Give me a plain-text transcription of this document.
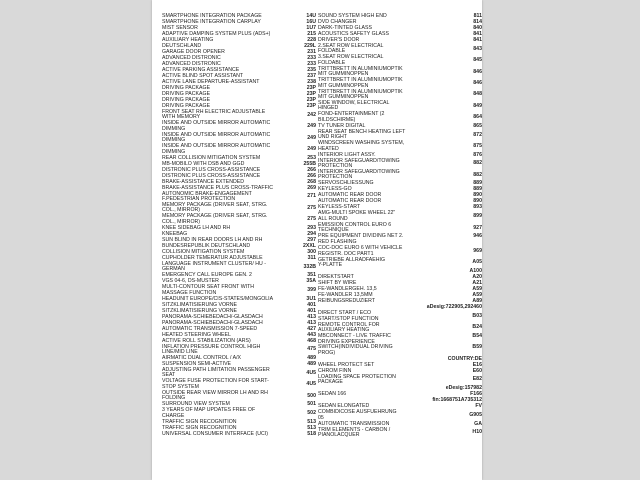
SMARTPHONE INTEGRATION PACKAGE	14U
SMARTPHONE INTEGRATION CARPLAY	16U
MIST SENSOR	1U7
ADAPTIVE DAMPING SYSTEM PLUS (ADS+)	215
AUXILIARY HEATING	228
DEUTSCHLAND	229L
GARAGE DOOR OPENER	231
ADVANCED DISTRONIC	233
ADVANCED DISTRONIC	233
ACTIVE PARKING ASSISTANCE	235
ACTIVE BLIND SPOT ASSISTANT	237
ACTIVE LANE DEPARTURE-ASSISTANT	238
DRIVING PACKAGE	23P
DRIVING PACKAGE	23P
DRIVING PACKAGE	23P
DRIVING PACKAGE	23P
FRONT SEAT RH ELECTRIC ADJUSTABLE
WITH MEMORY	242
INSIDE AND OUTSIDE MIRROR AUTOMATIC
DIMMING	249
INSIDE AND OUTSIDE MIRROR AUTOMATIC
DIMMING	249
INSIDE AND OUTSIDE MIRROR AUTOMATIC
DIMMING	249
REAR COLLISION MITIGATION SYSTEM	253
MB-MOBILO WITH DSB AND GGD	255B
DISTRONIC PLUS CROSS-ASSISTANCE	266
DISTRONIC PLUS CROSS-ASSISTANCE	266
BRAKE-ASSISTANCE EXTENDED	268
BRAKE-ASSISTANCE PLUS CROSS-TRAFFIC	269
AUTONOMIC BRAKE-ENGAGEMENT
F.PEDESTRIAN PROTECTION	271
MEMORY PACKAGE (DRIVER SEAT, STRG.
COL., MIRROR)	275
MEMORY PACKAGE (DRIVER SEAT, STRG.
COL., MIRROR)	275
KNEE SIDEBAG LH AND RH	293
KNEEBAG	294
SUN BLIND IN REAR DOORS LH AND RH	297
BUNDESREPUBLIK DEUTSCHLAND	2XXL
COLLISION MITIGATION SYSTEM	300
CUPHOLDER TEMERATUR ADJUSTABLE	311
LANGUAGE INSTRUMENT CLUSTER/ HU -
GERMAN	332B
EMERGENCY CALL EUROPE GEN. 2	351
VGS 04-6, DS-MUSTER	35A
MULTI-CONTOUR SEAT FRONT WITH
MASSAGE FUNCTION	399
HEADUNIT EUROPE/CIS-STATES/MONGOLIA	3U1
SITZKLIMATISIERUNG VORNE	401
SITZKLIMATISIERUNG VORNE	401
PANORAMA-SCHIEBEDACH/-GLASDACH	413
PANORAMA-SCHIEBEDACH/-GLASDACH	413
AUTOMATIC TRANSMISSION 7-SPEED	427
HEATED STEERING WHEEL	443
ACTIVE ROLL STABILIZATION (ARS)	468
INFLATION PRESSURE CONTROL HIGH
LINE/MID LINE	475
AIRMATIC DUAL CONTROL / A/X	489
SUSPENSION SEMI-ACTIVE	489
ADJUSTING PATH LIMITATION PASSENGER
SEAT	4U5
VOLTAGE FUSE PROTECTION FOR START-
STOP SYSTEM	4U5
OUTSIDE REAR VIEW MIRROR LH AND RH
FOLDING	500
SURROUND VIEW SYSTEM	501
3 YEARS OF MAP UPDATES FREE OF
CHARGE	502
TRAFFIC SIGN RECOGNITION	513
TRAFFIC SIGN RECOGNITION	513
UNIVERSAL CONSUMER INTERFACE (UCI)	518
SOUND SYSTEM HIGH END	811
DVD CHANGER	814
DARK-TINTED GLASS	840
ACOUSTICS SAFETY GLASS	841
DRIVER'S DOOR	841
2.SEAT ROW ELECTRICAL
FOLDABLE	843
3.SEAT ROW ELECTRICAL
FOLDABLE	845
TRITTBRETT IN ALUMINIUMOPTIK
MIT GUMMINOPPEN	846
TRITTBRETT IN ALUMINIUMOPTIK
MIT GUMMINOPPEN	846
TRITTBRETT IN ALUMINIUMOPTIK
MIT GUMMINOPPEN	848
SIDE WINDOW, ELECTRICAL
HINGED	849
FOND-ENTERTAINMENT (2
BILDSCHIRME)	864
TV TUNER DIGITAL	865
REAR SEAT BENCH HEATING LEFT
UND RIGHT	872
WINDSCREEN WASHING SYSTEM,
HEATED	875
INTERIOR LIGHT ASSY.	876
INTERIOR SAFEGUARD/TOWING
PROTECTION	882
INTERIOR SAFEGUARD/TOWING
PROTECTION	882
SERVOSCHLIESSUNG	889
KEYLESS-GO	889
AUTOMATIC REAR DOOR	890
AUTOMATIC REAR DOOR	890
KEYLESS-START	893
AMG-MULTI SPOKE WHEEL 22"
ALL ROUND	899
EMISSION CONTROL EURO 6
TECHNIQUE	927
PRE EQUIPMENT DIVIDING NET 2.	946
RED FLASHING
COC-DOC EURO 6 WITH VEHICLE
REGISTR. DOC PART1	969
GETRIEBE ALLRADFAEHIG
Y-PLATTE	A05
A100
DIREKTSTART	A20
SHIFT BY WIRE	A21
FE-WANDLERGEH. 13,5	A59
FE-WANDLER 13,5MM	A59
REIBUNGSREDUZIERT	A89
aDesig:722905,292460
DIRECT START / ECO
START/STOP FUNCTION	B03
REMOTE CONTROL FOR
AUXILIARY HEATING	B24
MBCONNECT - LIVE TRAFFIC	B54
DRIVING EXPERIENCE
SWITCH(INDIVIDUAL DRIVING
PROG)
B59
COUNTRY:DE
WHEEL PROTECT SET	E16
CHROM FINN	E60
LOADING SPACE PROTECTION
PACKAGE	E82
eDesig:157982
SEDAN 166	F166
fin:1668751A735312
SEDAN ELONGATED	FV
COMBIDICOSE AUSFUEHRUNG
05	G905
AUTOMATIC TRANSMISSION	GA
TRIM ELEMENTS - CARBON /
PIANOLACQUER	H10
